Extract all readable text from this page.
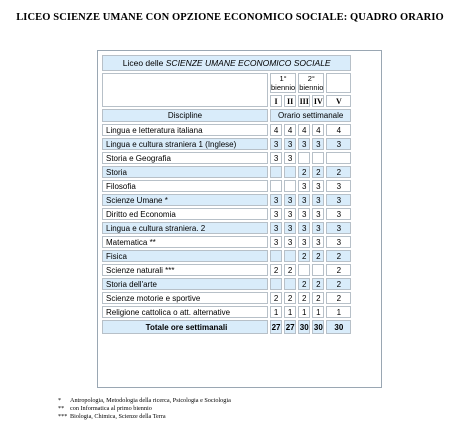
LICEO SCIENZE UMANE CON OPZIONE ECONOMICO SOCIALE: QUADRO ORARIO
Liceo delle SCIENZE UMANE ECONOMICO SOCIALE					
	1° biennio		2° biennio		
	I	II	III	IV	V
Discipline	Orario settimanale				
Lingua e letteratura italiana	4	4	4	4	4
Lingua e cultura straniera 1 (Inglese)	3	3	3	3	3
Storia e Geografia	3	3			
Storia			2	2	2
Filosofia			3	3	3
Scienze Umane *	3	3	3	3	3
Diritto ed Economia	3	3	3	3	3
Lingua e cultura straniera. 2	3	3	3	3	3
Matematica **	3	3	3	3	3
Fisica			2	2	2
Scienze naturali ***	2	2			2
Storia dell'arte			2	2	2
Scienze motorie e sportive	2	2	2	2	2
Religione cattolica o att. alternative	1	1	1	1	1
Totale ore settimanali	27	27	30	30	30
* Antropologia, Metodologia della ricerca, Psicologia e Sociologia
** con Informatica al primo biennio
*** Biologia, Chimica, Scienze della Terra
